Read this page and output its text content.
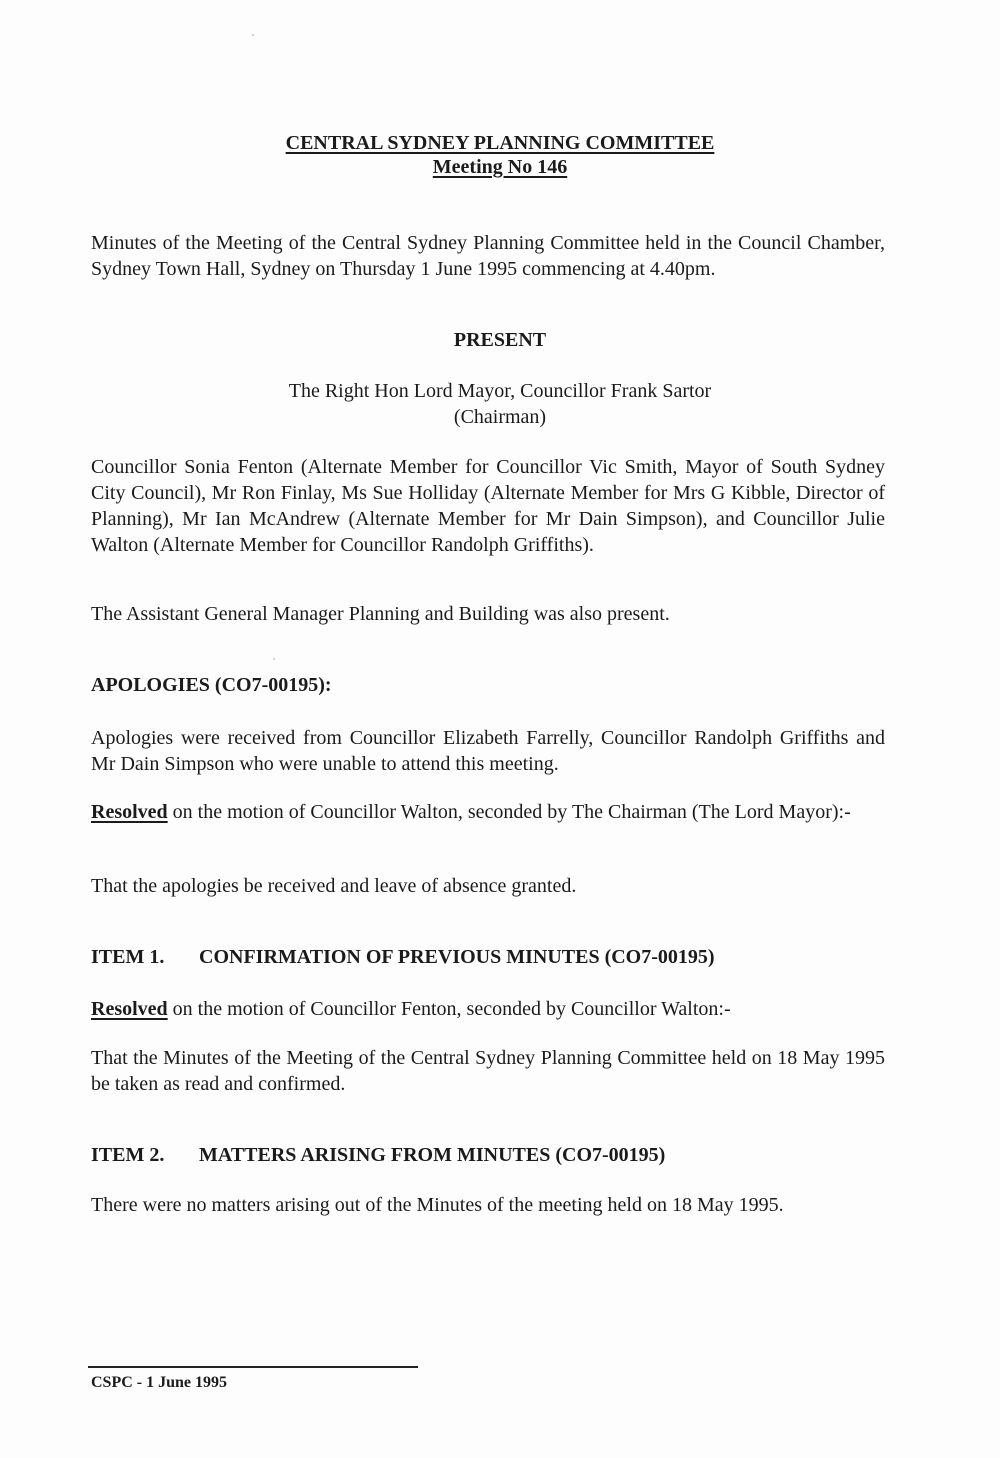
CENTRAL SYDNEY PLANNING COMMITTEE
Meeting No 146
Minutes of the Meeting of the Central Sydney Planning Committee held in the Council Chamber, Sydney Town Hall, Sydney on Thursday 1 June 1995 commencing at 4.40pm.
PRESENT
The Right Hon Lord Mayor, Councillor Frank Sartor
(Chairman)
Councillor Sonia Fenton (Alternate Member for Councillor Vic Smith, Mayor of South Sydney City Council), Mr Ron Finlay, Ms Sue Holliday (Alternate Member for Mrs G Kibble, Director of Planning), Mr Ian McAndrew (Alternate Member for Mr Dain Simpson), and Councillor Julie Walton (Alternate Member for Councillor Randolph Griffiths).
The Assistant General Manager Planning and Building was also present.
APOLOGIES (CO7-00195):
Apologies were received from Councillor Elizabeth Farrelly, Councillor Randolph Griffiths and Mr Dain Simpson who were unable to attend this meeting.
Resolved on the motion of Councillor Walton, seconded by The Chairman (The Lord Mayor):-
That the apologies be received and leave of absence granted.
ITEM 1. CONFIRMATION OF PREVIOUS MINUTES (CO7-00195)
Resolved on the motion of Councillor Fenton, seconded by Councillor Walton:-
That the Minutes of the Meeting of the Central Sydney Planning Committee held on 18 May 1995 be taken as read and confirmed.
ITEM 2. MATTERS ARISING FROM MINUTES (CO7-00195)
There were no matters arising out of the Minutes of the meeting held on 18 May 1995.
CSPC - 1 June 1995
